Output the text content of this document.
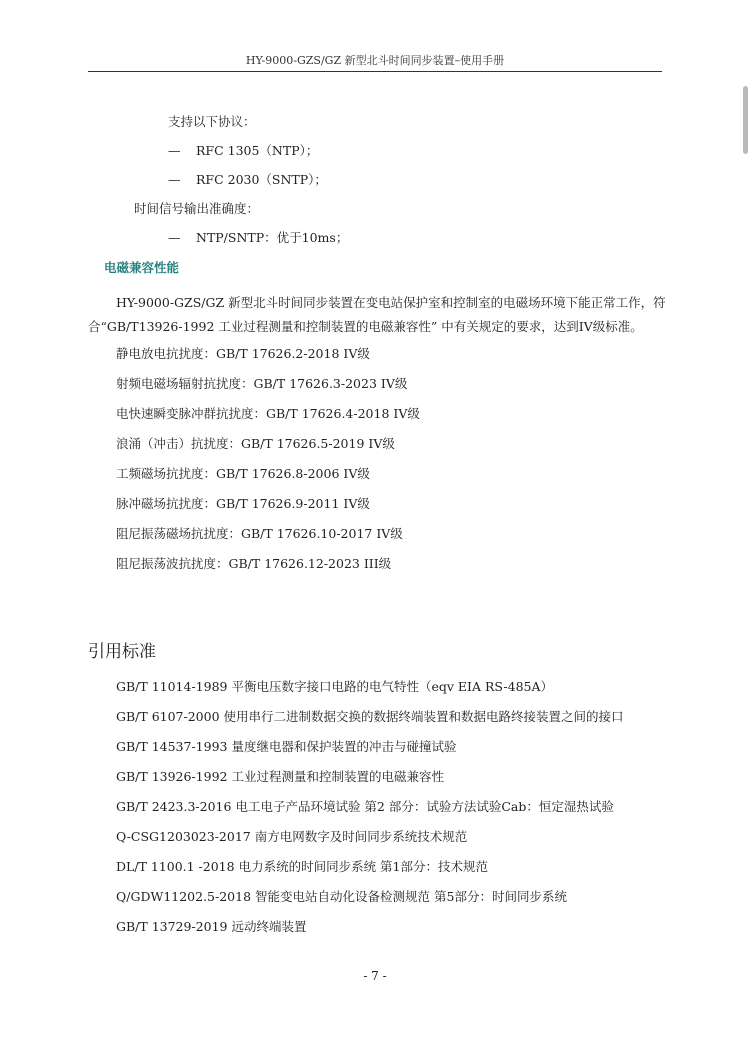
HY-9000-GZS/GZ 新型北斗时间同步装置–使用手册
支持以下协议：
— RFC 1305（NTP）；
— RFC 2030（SNTP）；
时间信号输出准确度：
— NTP/SNTP：优于10ms；
电磁兼容性能
HY-9000-GZS/GZ 新型北斗时间同步装置在变电站保护室和控制室的电磁场环境下能正常工作，符合“GB/T13926-1992 工业过程测量和控制装置的电磁兼容性” 中有关规定的要求，达到IV级标准。
静电放电抗扰度：GB/T 17626.2-2018 IV级
射频电磁场辐射抗扰度：GB/T 17626.3-2023 IV级
电快速瞬变脉冲群抗扰度：GB/T 17626.4-2018 IV级
浪涌（冲击）抗扰度：GB/T 17626.5-2019 IV级
工频磁场抗扰度：GB/T 17626.8-2006 IV级
脉冲磁场抗扰度：GB/T 17626.9-2011 IV级
阻尼振荡磁场抗扰度：GB/T 17626.10-2017 IV级
阻尼振荡波抗扰度：GB/T 17626.12-2023 III级
引用标准
GB/T 11014-1989 平衡电压数字接口电路的电气特性（eqv EIA RS-485A）
GB/T 6107-2000 使用串行二进制数据交换的数据终端装置和数据电路终接装置之间的接口
GB/T 14537-1993 量度继电器和保护装置的冲击与碰撞试验
GB/T 13926-1992 工业过程测量和控制装置的电磁兼容性
GB/T 2423.3-2016 电工电子产品环境试验 第2 部分：试验方法试验Cab：恒定湿热试验
Q-CSG1203023-2017 南方电网数字及时间同步系统技术规范
DL/T 1100.1 -2018 电力系统的时间同步系统 第1部分：技术规范
Q/GDW11202.5-2018 智能变电站自动化设备检测规范 第5部分：时间同步系统
GB/T 13729-2019 远动终端装置
- 7 -
